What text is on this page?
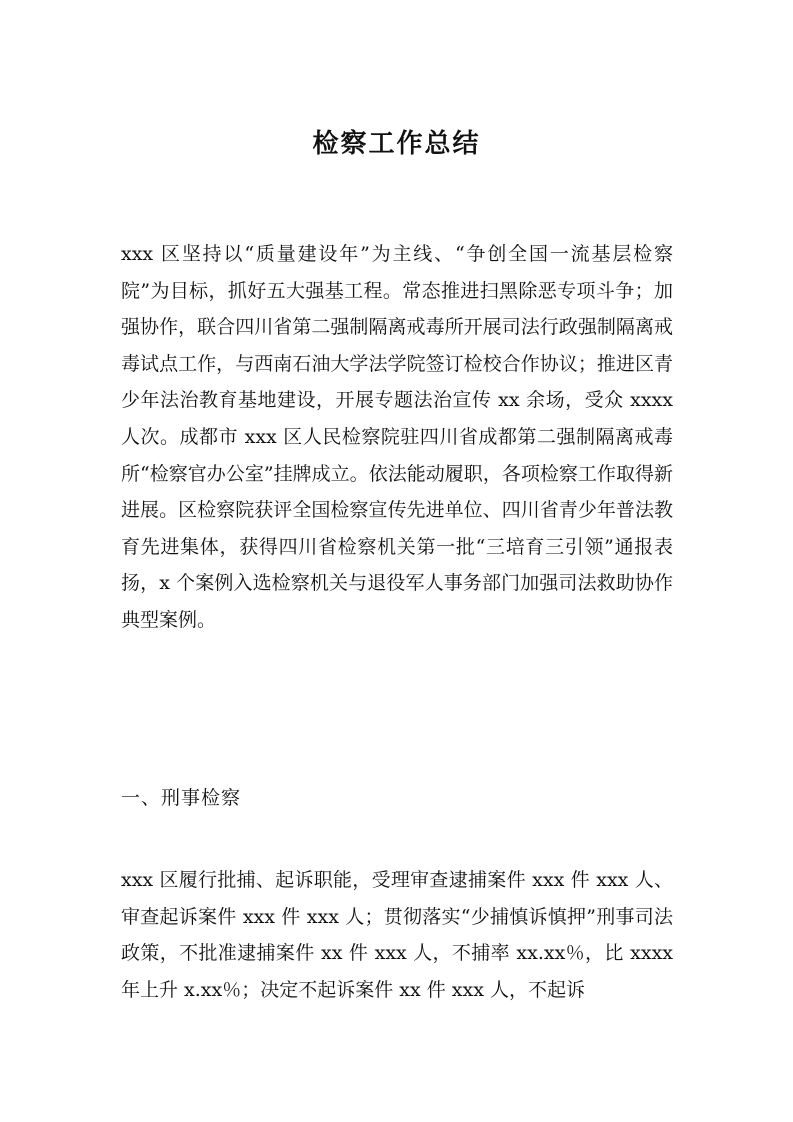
检察工作总结

xxx 区坚持以“质量建设年”为主线、“争创全国一流基层检察院”为目标，抓好五大强基工程。常态推进扫黑除恶专项斗争；加强协作，联合四川省第二强制隔离戒毒所开展司法行政强制隔离戒毒试点工作，与西南石油大学法学院签订检校合作协议；推进区青少年法治教育基地建设，开展专题法治宣传 xx 余场，受众 xxxx 人次。成都市 xxx 区人民检察院驻四川省成都第二强制隔离戒毒所“检察官办公室”挂牌成立。依法能动履职，各项检察工作取得新进展。区检察院获评全国检察宣传先进单位、四川省青少年普法教育先进集体，获得四川省检察机关第一批“三培育三引领”通报表扬，x 个案例入选检察机关与退役军人事务部门加强司法救助协作典型案例。

一、刑事检察

xxx 区履行批捕、起诉职能，受理审查逮捕案件 xxx 件 xxx 人、审查起诉案件 xxx 件 xxx 人；贯彻落实“少捕慎诉慎押”刑事司法政策，不批准逮捕案件 xx 件 xxx 人，不捕率 xx.xx％，比 xxxx 年上升 x.xx％；决定不起诉案件 xx 件 xxx 人，不起诉
